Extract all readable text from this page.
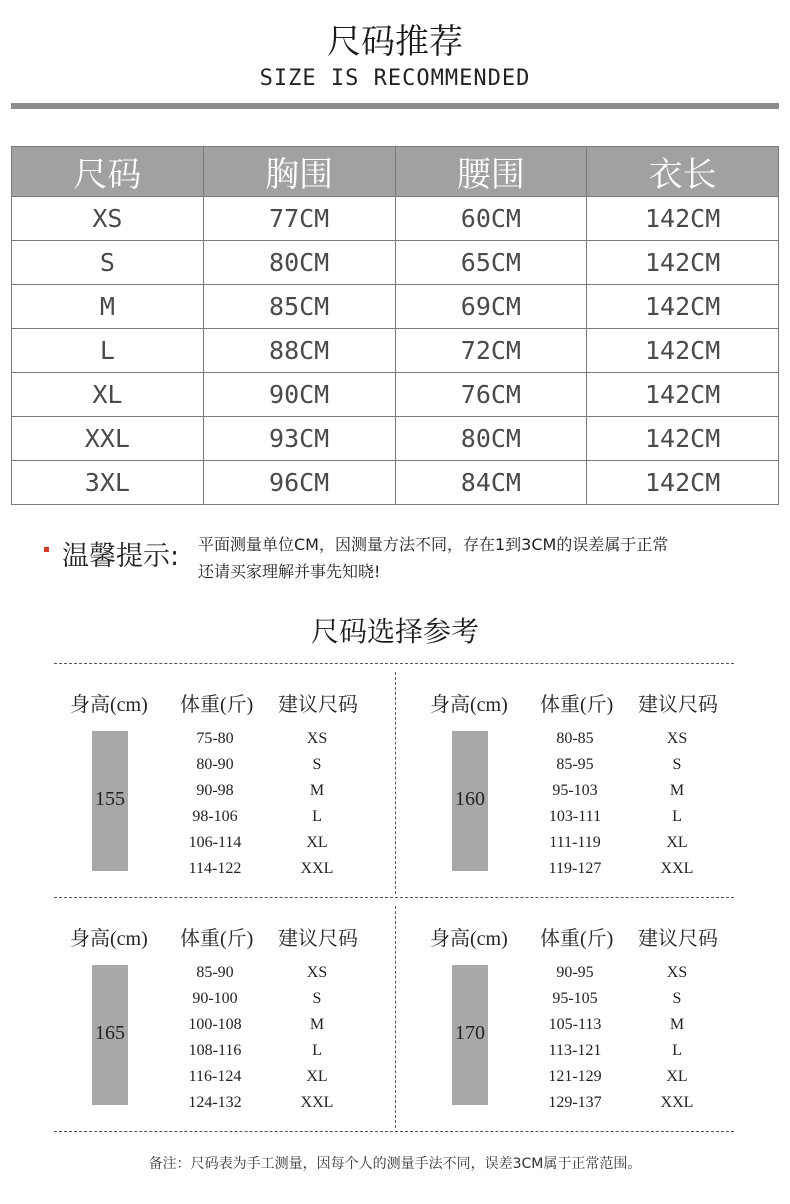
尺码推荐
SIZE IS RECOMMENDED
尺码	胸围	腰围	衣长
XS	77CM	60CM	142CM
S	80CM	65CM	142CM
M	85CM	69CM	142CM
L	88CM	72CM	142CM
XL	90CM	76CM	142CM
XXL	93CM	80CM	142CM
3XL	96CM	84CM	142CM
温馨提示: 平面测量单位CM，因测量方法不同，存在1到3CM的误差属于正常
还请买家理解并事先知晓!
尺码选择参考
身高(cm) 体重(斤) 建议尺码
155
75-80	XS
80-90	S
90-98	M
98-106	L
106-114	XL
114-122	XXL
身高(cm) 体重(斤) 建议尺码
160
80-85	XS
85-95	S
95-103	M
103-111	L
111-119	XL
119-127	XXL
身高(cm) 体重(斤) 建议尺码
165
85-90	XS
90-100	S
100-108	M
108-116	L
116-124	XL
124-132	XXL
身高(cm) 体重(斤) 建议尺码
170
90-95	XS
95-105	S
105-113	M
113-121	L
121-129	XL
129-137	XXL
备注：尺码表为手工测量，因每个人的测量手法不同，误差3CM属于正常范围。
